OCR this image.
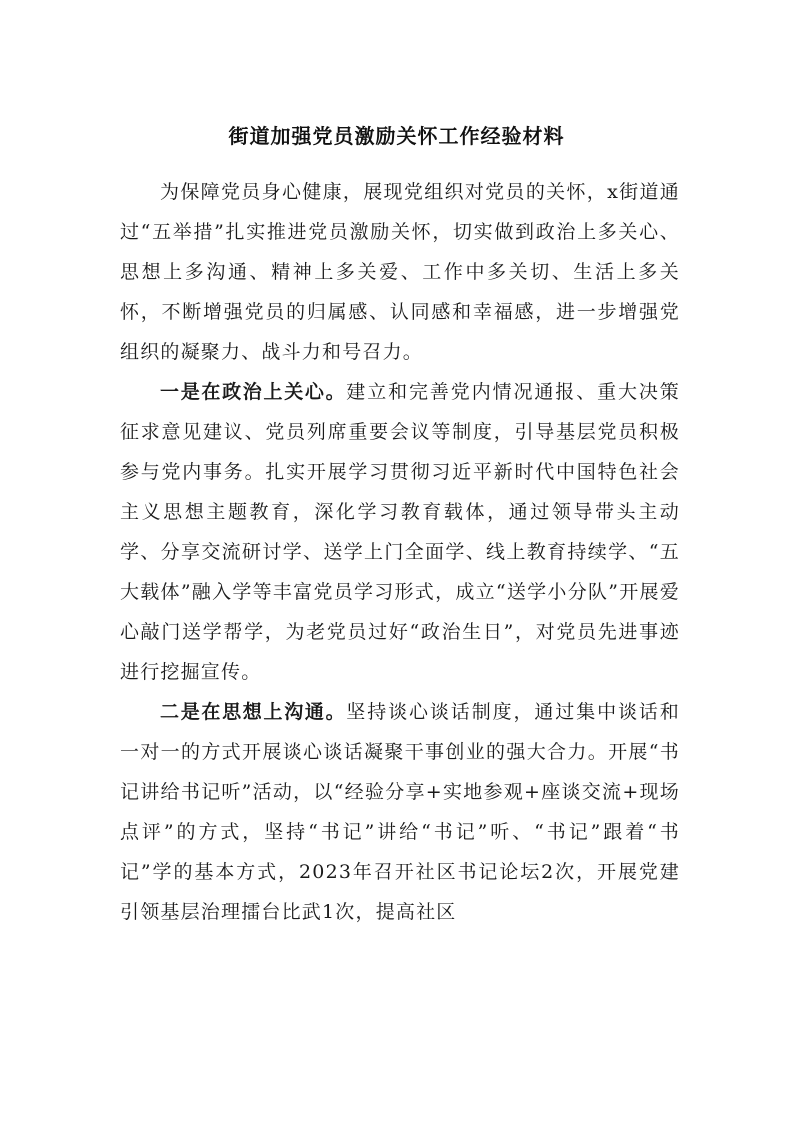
街道加强党员激励关怀工作经验材料

为保障党员身心健康，展现党组织对党员的关怀，x街道通过“五举措”扎实推进党员激励关怀，切实做到政治上多关心、思想上多沟通、精神上多关爱、工作中多关切、生活上多关怀，不断增强党员的归属感、认同感和幸福感，进一步增强党组织的凝聚力、战斗力和号召力。

一是在政治上关心。建立和完善党内情况通报、重大决策征求意见建议、党员列席重要会议等制度，引导基层党员积极参与党内事务。扎实开展学习贯彻习近平新时代中国特色社会主义思想主题教育，深化学习教育载体，通过领导带头主动学、分享交流研讨学、送学上门全面学、线上教育持续学、“五大载体”融入学等丰富党员学习形式，成立“送学小分队”开展爱心敲门送学帮学，为老党员过好“政治生日”，对党员先进事迹进行挖掘宣传。

二是在思想上沟通。坚持谈心谈话制度，通过集中谈话和一对一的方式开展谈心谈话凝聚干事创业的强大合力。开展“书记讲给书记听”活动，以“经验分享+实地参观+座谈交流+现场点评”的方式，坚持“书记”讲给“书记”听、“书记”跟着“书记”学的基本方式，2023年召开社区书记论坛2次，开展党建引领基层治理擂台比武1次，提高社区
